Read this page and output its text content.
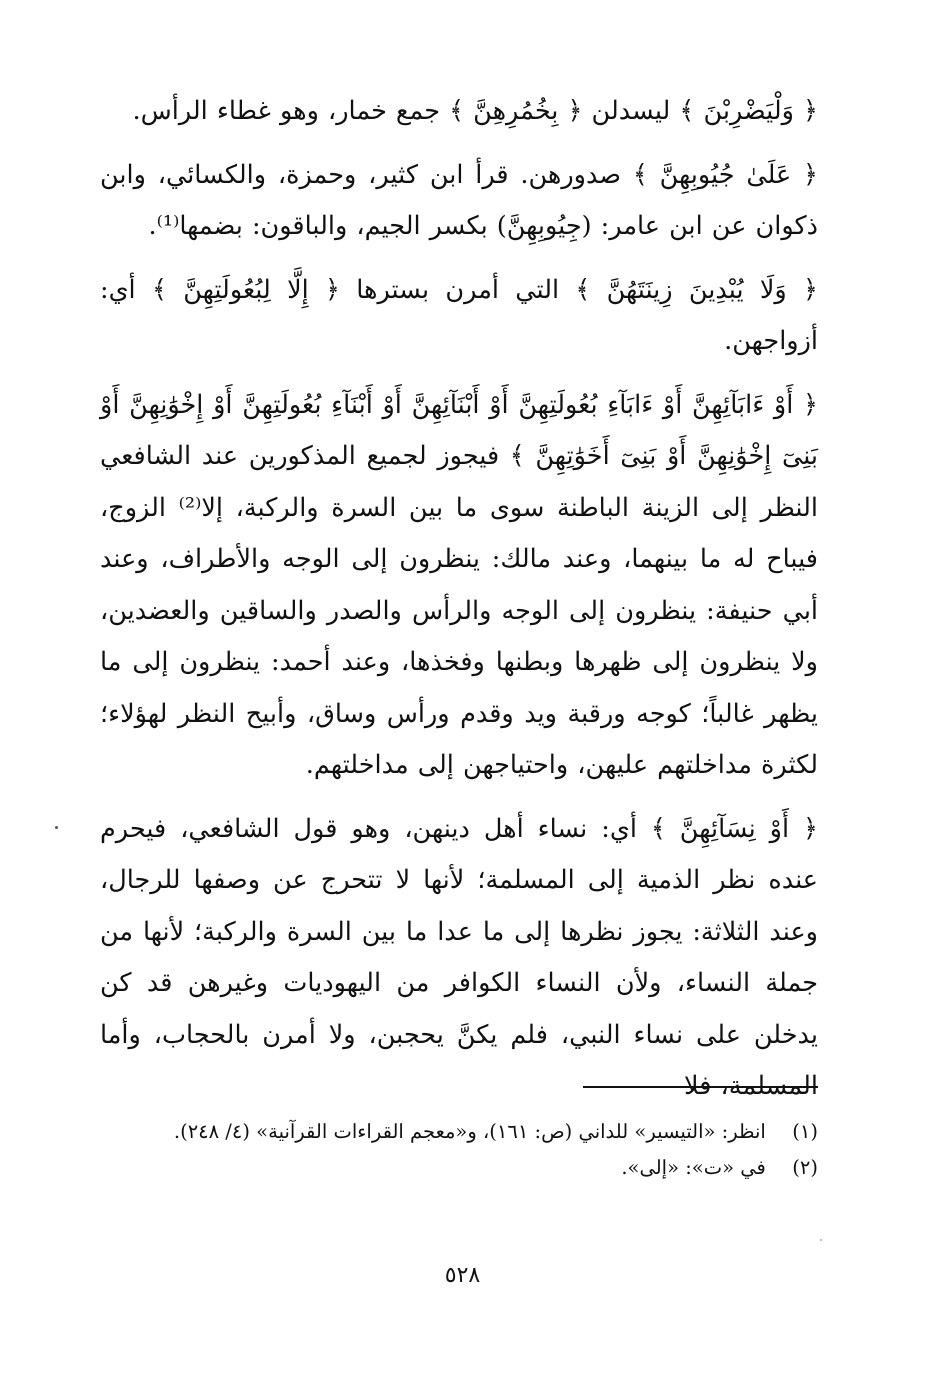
﴿ وَلْيَضْرِبْنَ ﴾ ليسدلن ﴿ بِخُمُرِهِنَّ ﴾ جمع خمار، وهو غطاء الرأس.

﴿ عَلَىٰ جُيُوبِهِنَّ ﴾ صدورهن. قرأ ابن كثير، وحمزة، والكسائي، وابن ذكوان عن ابن عامر: (جِيُوبِهِنَّ) بكسر الجيم، والباقون: بضمها⁽¹⁾.

﴿ وَلَا يُبْدِينَ زِينَتَهُنَّ ﴾ التي أمرن بسترها ﴿ إِلَّا لِبُعُولَتِهِنَّ ﴾ أي: أزواجهن.

﴿ أَوْ ءَابَآئِهِنَّ أَوْ ءَابَآءِ بُعُولَتِهِنَّ أَوْ أَبْنَآئِهِنَّ أَوْ أَبْنَآءِ بُعُولَتِهِنَّ أَوْ إِخْوَٰنِهِنَّ أَوْ بَنِىٓ إِخْوَٰنِهِنَّ أَوْ بَنِىٓ أَخَوَٰتِهِنَّ ﴾ فيجوز لجميع المذكورين عند الشافعي النظر إلى الزينة الباطنة سوى ما بين السرة والركبة، إلا⁽²⁾ الزوج، فيباح له ما بينهما، وعند مالك: ينظرون إلى الوجه والأطراف، وعند أبي حنيفة: ينظرون إلى الوجه والرأس والصدر والساقين والعضدين، ولا ينظرون إلى ظهرها وبطنها وفخذها، وعند أحمد: ينظرون إلى ما يظهر غالباً؛ كوجه ورقبة ويد وقدم ورأس وساق، وأبيح النظر لهؤلاء؛ لكثرة مداخلتهم عليهن، واحتياجهن إلى مداخلتهم.

﴿ أَوْ نِسَآئِهِنَّ ﴾ أي: نساء أهل دينهن، وهو قول الشافعي، فيحرم عنده نظر الذمية إلى المسلمة؛ لأنها لا تتحرج عن وصفها للرجال، وعند الثلاثة: يجوز نظرها إلى ما عدا ما بين السرة والركبة؛ لأنها من جملة النساء، ولأن النساء الكوافر من اليهوديات وغيرهن قد كن يدخلن على نساء النبي، فلم يكنَّ يحجبن، ولا أمرن بالحجاب، وأما المسلمة، فلا

(١) انظر: «التيسير» للداني (ص: ١٦١)، و«معجم القراءات القرآنية» (٤/ ٢٤٨).

(٢) في «ت»: «إلى».

٥٢٨
